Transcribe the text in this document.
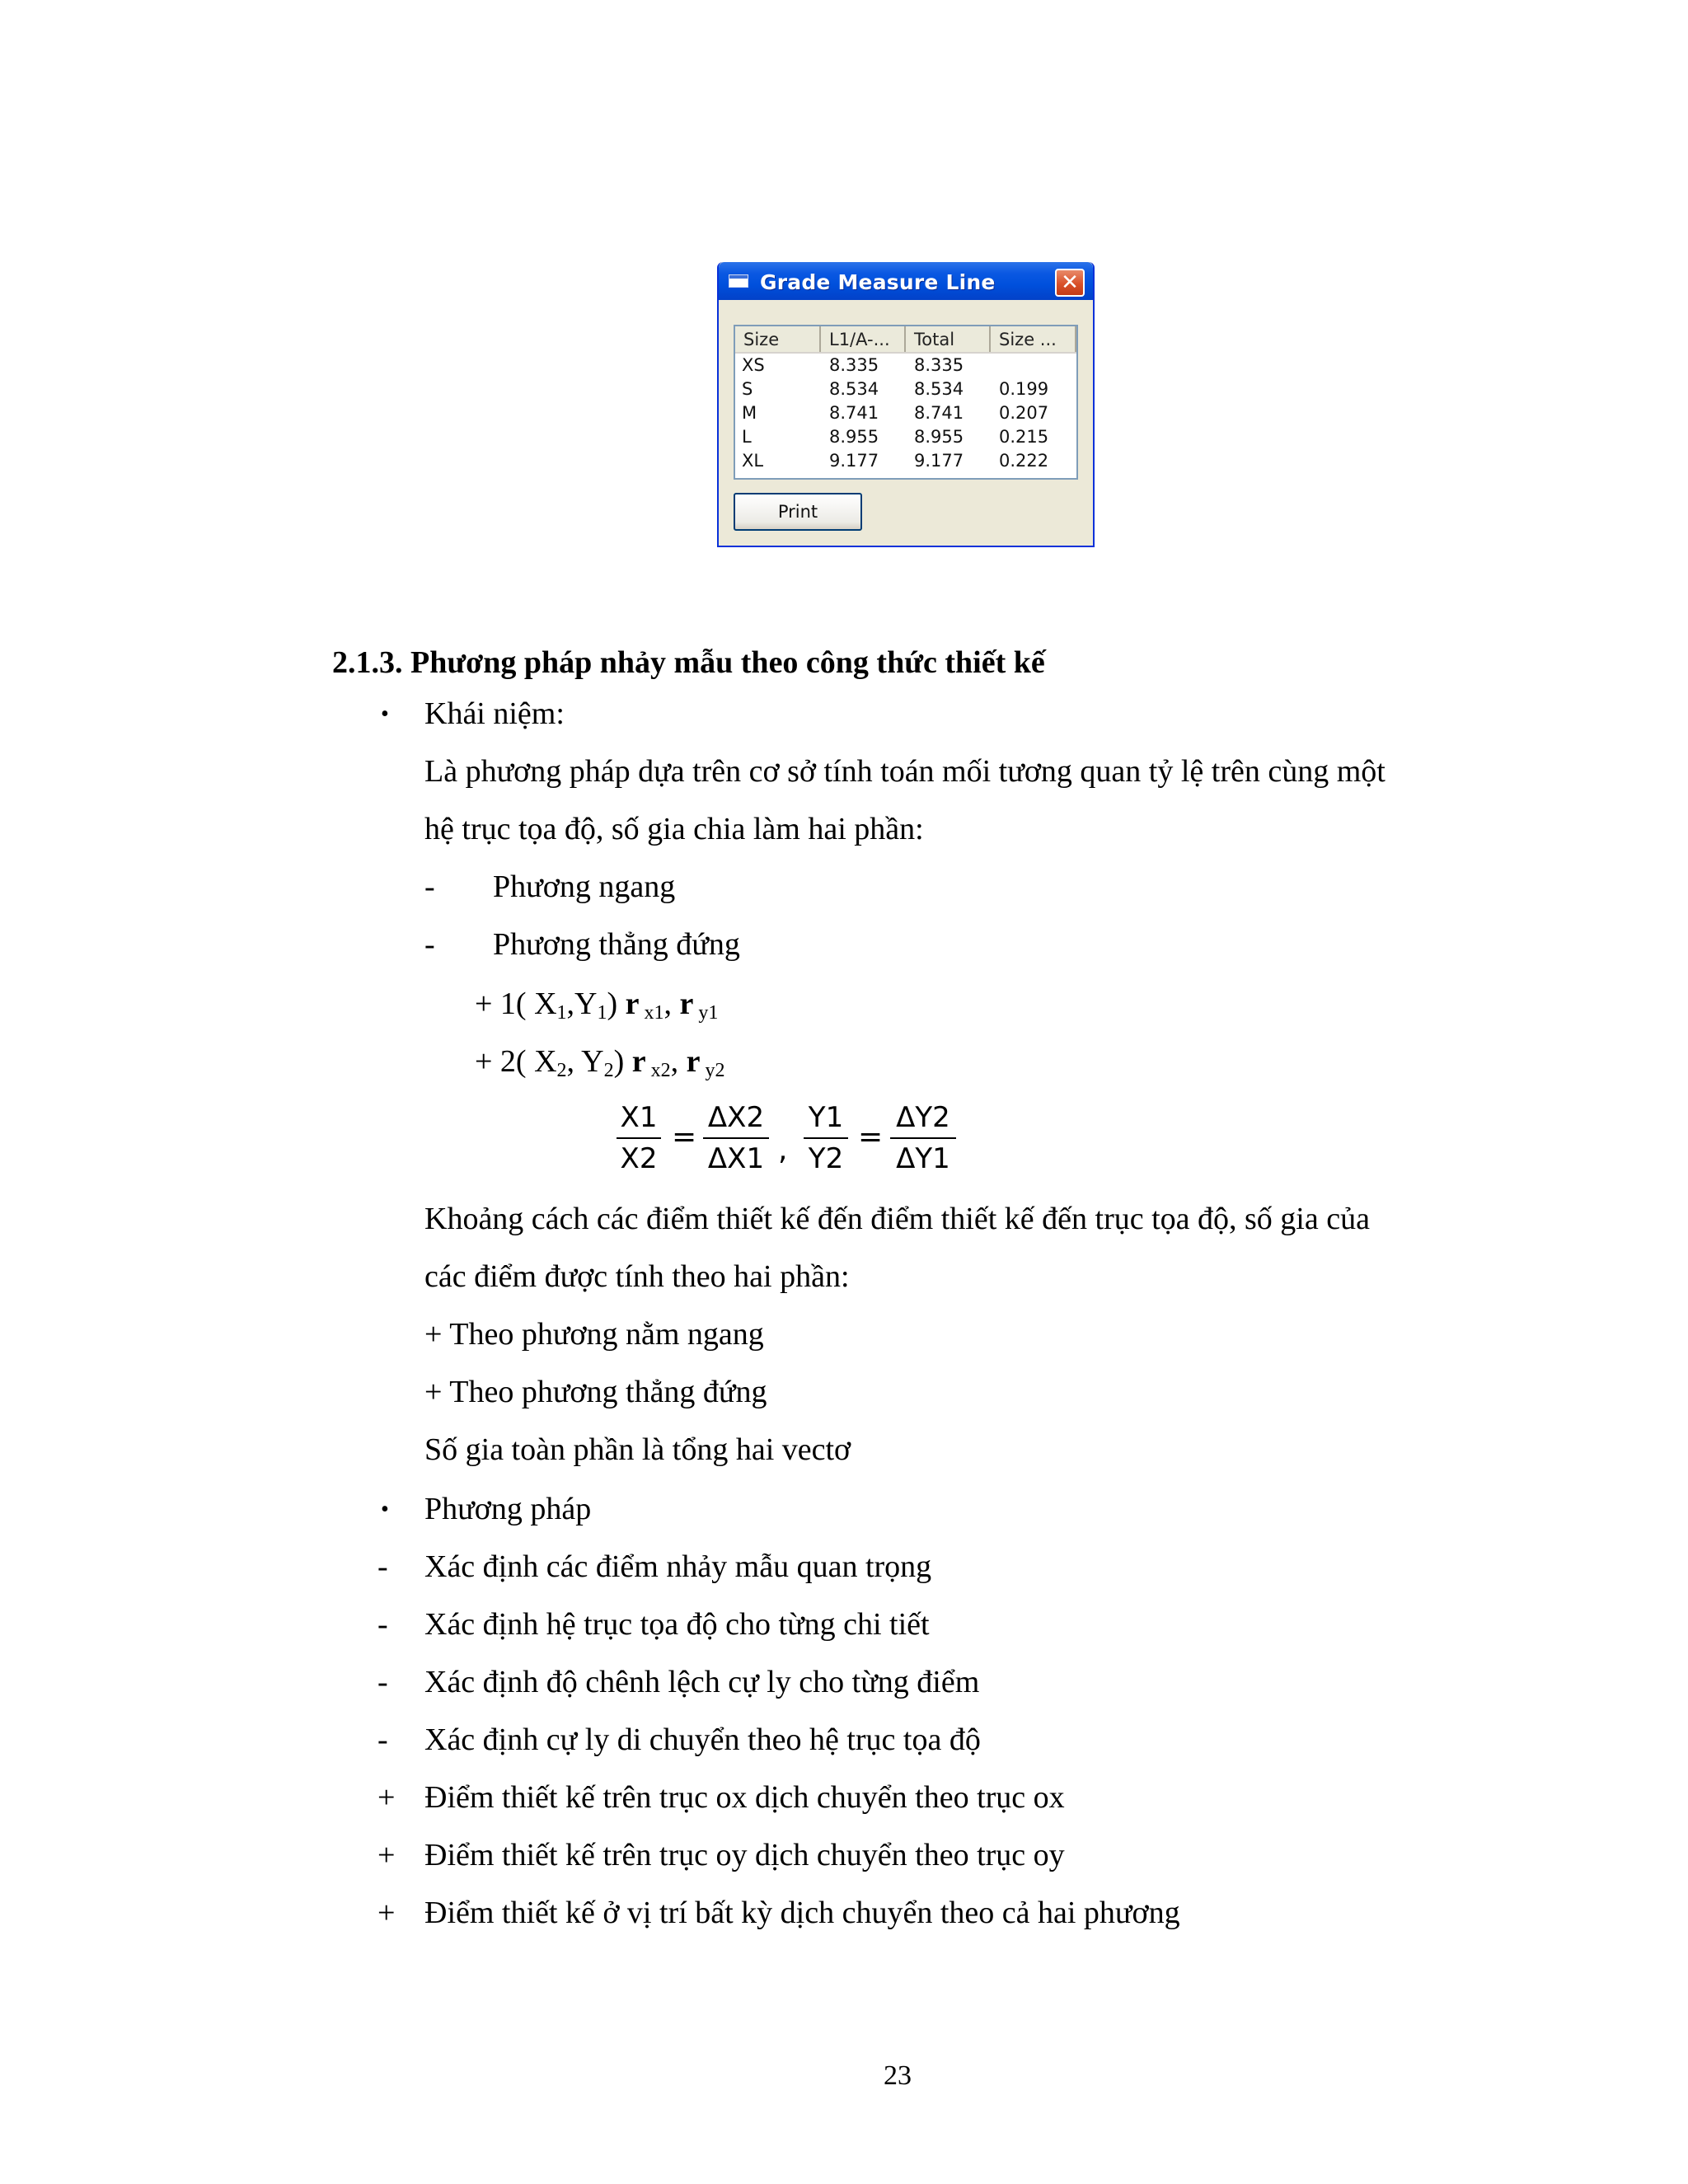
Grade Measure Line	✕
Size	L1/A-...	Total	Size ...
XS	8.335	8.335
S	8.534	8.534	0.199
M	8.741	8.741	0.207
L	8.955	8.955	0.215
XL	9.177	9.177	0.222
Print
2.1.3. Phương pháp nhảy mẫu theo công thức thiết kế
• Khái niệm:
Là phương pháp dựa trên cơ sở tính toán mối tương quan tỷ lệ trên cùng một
hệ trục tọa độ, số gia chia làm hai phần:
- Phương ngang
- Phương thẳng đứng
+ 1( $X_1,Y_1$) r $_{x1}$, r $_{y1}$
+ 2( $X_2$, $Y_2$) r $_{x2}$, r $_{y2}$
X1
X2
=
ΔX2
ΔX1 ,
Y1
Y2
=
ΔY2
ΔY1
Khoảng cách các điểm thiết kế đến điểm thiết kế đến trục tọa độ, số gia của
các điểm được tính theo hai phần:
+ Theo phương nằm ngang
+ Theo phương thẳng đứng
Số gia toàn phần là tổng hai vectơ
• Phương pháp
- Xác định các điểm nhảy mẫu quan trọng
- Xác định hệ trục tọa độ cho từng chi tiết
- Xác định độ chênh lệch cự ly cho từng điểm
- Xác định cự ly di chuyển theo hệ trục tọa độ
+ Điểm thiết kế trên trục ox dịch chuyển theo trục ox
+ Điểm thiết kế trên trục oy dịch chuyển theo trục oy
+ Điểm thiết kế ở vị trí bất kỳ dịch chuyển theo cả hai phương
23
